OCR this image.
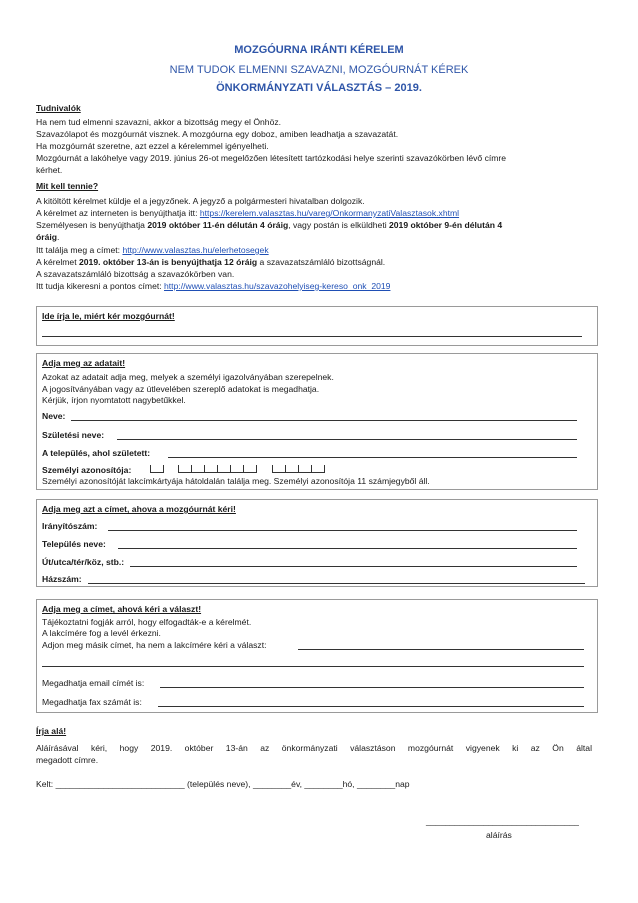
MOZGÓURNA IRÁNTI KÉRELEM
NEM TUDOK ELMENNI SZAVAZNI, MOZGÓURNÁT KÉREK
ÖNKORMÁNYZATI VÁLASZTÁS – 2019.
Tudnivalók
Ha nem tud elmenni szavazni, akkor a bizottság megy el Önhöz.
Szavazólapot és mozgóurnát visznek. A mozgóurna egy doboz, amiben leadhatja a szavazatát.
Ha mozgóurnát szeretne, azt ezzel a kérelemmel igényelheti.
Mozgóurnát a lakóhelye vagy 2019. június 26-ot megelőzően létesített tartózkodási helye szerinti szavazókörben lévő címre
kérhet.
Mit kell tennie?
A kitöltött kérelmet küldje el a jegyzőnek. A jegyző a polgármesteri hivatalban dolgozik.
A kérelmet az interneten is benyújthatja itt: https://kerelem.valasztas.hu/vareg/OnkormanyzatiValasztasok.xhtml
Személyesen is benyújthatja 2019 október 11-én délután 4 óráig, vagy postán is elküldheti 2019 október 9-én délután 4
óráig.
Itt találja meg a címet: http://www.valasztas.hu/elerhetosegek
A kérelmet 2019. október 13-án is benyújthatja 12 óráig a szavazatszámláló bizottságnál.
A szavazatszámláló bizottság a szavazókörben van.
Itt tudja kikeresni a pontos címet: http://www.valasztas.hu/szavazohelyiseg-kereso_onk_2019
Ide írja le, miért kér mozgóurnát!
Adja meg az adatait!
Azokat az adatait adja meg, melyek a személyi igazolványában szerepelnek.
A jogosítványában vagy az útlevelében szereplő adatokat is megadhatja.
Kérjük, írjon nyomtatott nagybetűkkel.
Neve:
Születési neve:
A település, ahol született:
Személyi azonosítója:

Személyi azonosítóját lakcímkártyája hátoldalán találja meg. Személyi azonosítója 11 számjegyből áll.
Adja meg azt a címet, ahova a mozgóurnát kéri!
Irányítószám:
Település neve:
Út/utca/tér/köz, stb.:
Házszám:
Adja meg a címet, ahová kéri a választ!
Tájékoztatni fogják arról, hogy elfogadták-e a kérelmét.
A lakcímére fog a levél érkezni.
Adjon meg másik címet, ha nem a lakcímére kéri a választ:
Megadhatja email címét is:
Megadhatja fax számát is:
Írja alá!
Aláírásával kéri, hogy 2019. október 13-án az önkormányzati választáson mozgóurnát vigyenek ki az Ön által
megadott címre.
Kelt: ___________________________ (település neve), ________év, ________hó, ________nap
________________________________
aláírás
